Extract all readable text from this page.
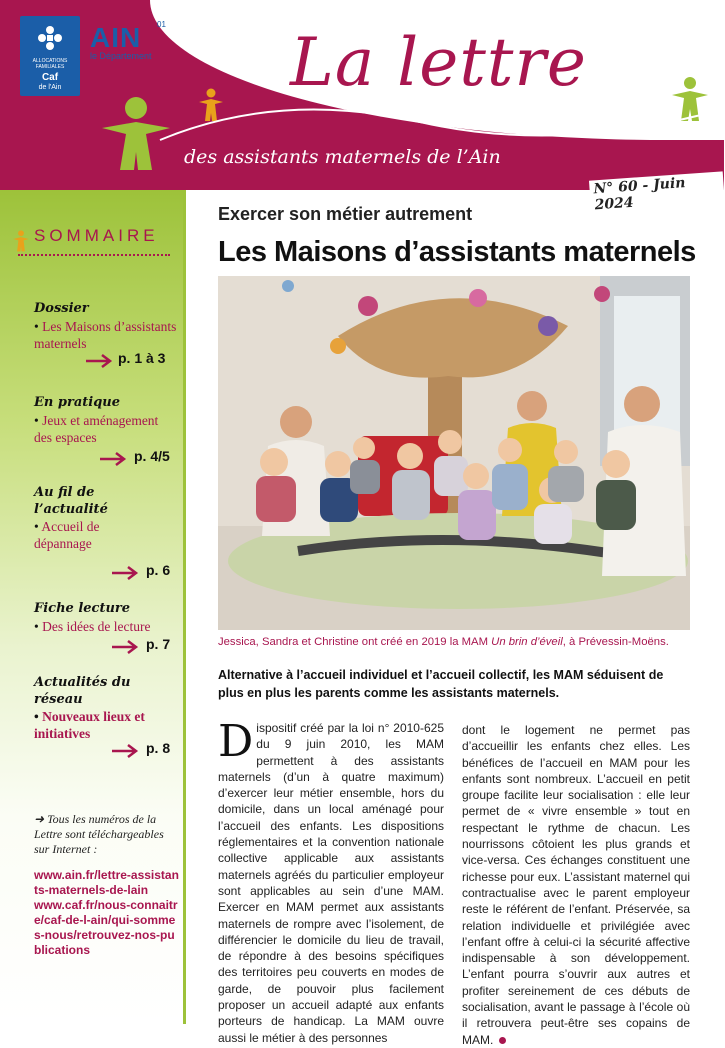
ALLOCATIONS FAMILIALES
Caf
de l'Ain
AIN	01
le Département	La lettre
des assistants maternels de l’Ain
N° 60 - Juin 2024
SOMMAIRE
Dossier
• Les Maisons d’assistants maternels
p. 1 à 3
En pratique
• Jeux et aménagement des espaces
p. 4/5
Au fil de l’actualité
• Accueil de dépannage
p. 6
Fiche lecture
• Des idées de lecture
p. 7
Actualités du réseau
• Nouveaux lieux et initiatives
p. 8
➜ Tous les numéros de la Lettre sont téléchargeables sur Internet :
www.ain.fr/lettre-assistants-maternels-de-lain
www.caf.fr/nous-connaitre/caf-de-l-ain/qui-sommes-nous/retrouvez-nos-publications
Exercer son métier autrement
Les Maisons d’assistants maternels
Jessica, Sandra et Christine ont créé en 2019 la MAM Un brin d’éveil, à Prévessin-Moëns.
Alternative à l’accueil individuel et l’accueil collectif, les MAM séduisent de plus en plus les parents comme les assistants maternels.
Dispositif créé par la loi n° 2010-625 du 9 juin 2010, les MAM permettent à des assistants maternels (d’un à quatre maximum) d’exercer leur métier ensemble, hors du domicile, dans un local aménagé pour l’accueil des enfants. Les dispositions réglementaires et la convention nationale collective applicable aux assistants maternels agréés du particulier employeur sont applicables au sein d’une MAM. Exercer en MAM permet aux assistants maternels de rompre avec l’isolement, de différencier le domicile du lieu de travail, de répondre à des besoins spécifiques des territoires peu couverts en modes de garde, de pouvoir plus facilement proposer un accueil adapté aux enfants porteurs de handicap. La MAM ouvre aussi le métier à des personnes
dont le logement ne permet pas d’accueillir les enfants chez elles. Les bénéfices de l’accueil en MAM pour les enfants sont nombreux. L’accueil en petit groupe facilite leur socialisation : elle leur permet de « vivre ensemble » tout en respectant le rythme de chacun. Les nourrissons côtoient les plus grands et vice-versa. Ces échanges constituent une richesse pour eux. L’assistant maternel qui contractualise avec le parent employeur reste le référent de l’enfant. Préservée, sa relation individuelle et privilégiée avec l’enfant offre à celui-ci la sécurité affective indispensable à son développement. L’enfant pourra s’ouvrir aux autres et profiter sereinement de ces débuts de socialisation, avant le passage à l’école où il retrouvera peut-être ses copains de MAM.
